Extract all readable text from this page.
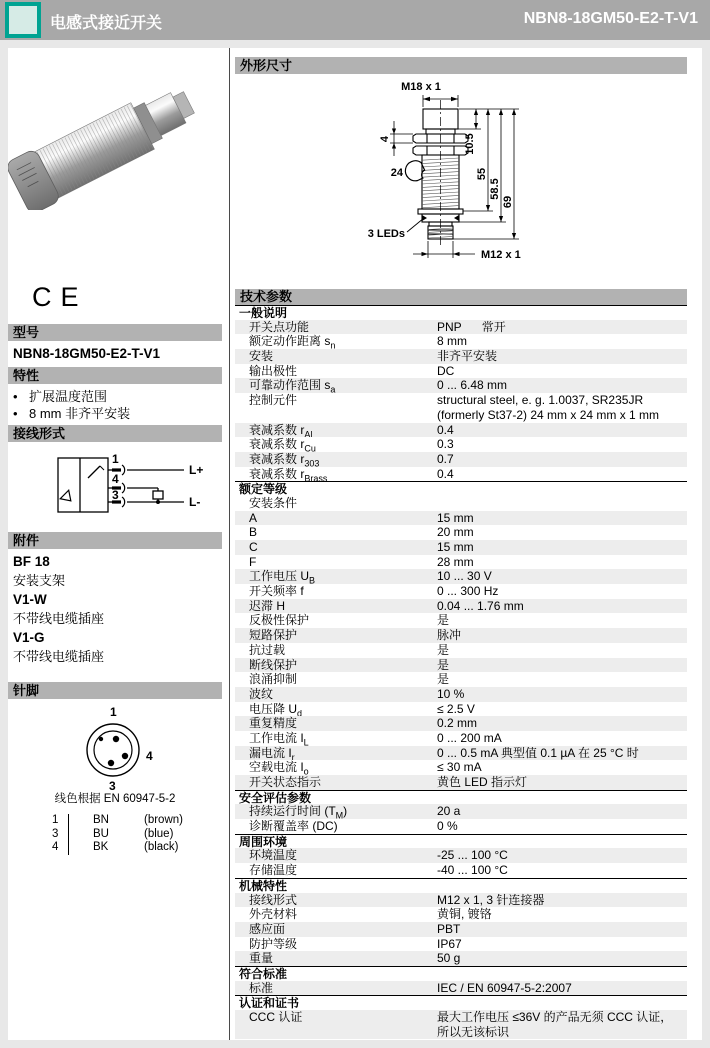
电感式接近开关	NBN8-18GM50-E2-T-V1
CE
型号
NBN8-18GM50-E2-T-V1
特性
• 扩展温度范围
• 8 mm 非齐平安装
接线形式
1
4
3
L+
L-
附件
BF 18
安装支架
V1-W
不带线电缆插座
V1-G
不带线电缆插座
针脚
1
4
3
线色根据 EN 60947-5-2
1	BN	(brown)
3	BU	(blue)
4	BK	(black)
外形尺寸
M18 x 1
10.5
55
58.5
69
4
24
3 LEDs
M12 x 1
技术参数
一般说明
开关点功能	PNP 常开
额定动作距离 $s_n$	8 mm
安装	非齐平安装
输出极性	DC
可靠动作范围 $s_a$	0 ... 6.48 mm
控制元件	structural steel, e. g. 1.0037, SR235JR (formerly St37-2) 24 mm x 24 mm x 1 mm
衰减系数 $r_{Al}$	0.4
衰减系数 $r_{Cu}$	0.3
衰减系数 $r_{303}$	0.7
衰减系数 $r_{Brass}$	0.4
额定等级
安装条件
A	15 mm
B	20 mm
C	15 mm
F	28 mm
工作电压 $U_B$	10 ... 30 V
开关频率 f	0 ... 300 Hz
迟滞 H	0.04 ... 1.76 mm
反极性保护	是
短路保护	脉冲
抗过载	是
断线保护	是
浪涌抑制	是
波纹	10 %
电压降 $U_d$	≤ 2.5 V
重复精度	0.2 mm
工作电流 $I_L$	0 ... 200 mA
漏电流 $I_r$	0 ... 0.5 mA 典型值 0.1 µA 在 25 °C 时
空载电流 $I_o$	≤ 30 mA
开关状态指示	黄色 LED 指示灯
安全评估参数
持续运行时间 $(T_M)$	20 a
诊断覆盖率 (DC)	0 %
周围环境
环境温度	-25 ... 100 °C
存储温度	-40 ... 100 °C
机械特性
接线形式	M12 x 1, 3 针连接器
外壳材料	黄铜, 镀铬
感应面	PBT
防护等级	IP67
重量	50 g
符合标准
标准	IEC / EN 60947-5-2:2007
认证和证书
CCC 认证	最大工作电压 ≤36V 的产品无须 CCC 认证，所以无该标识
